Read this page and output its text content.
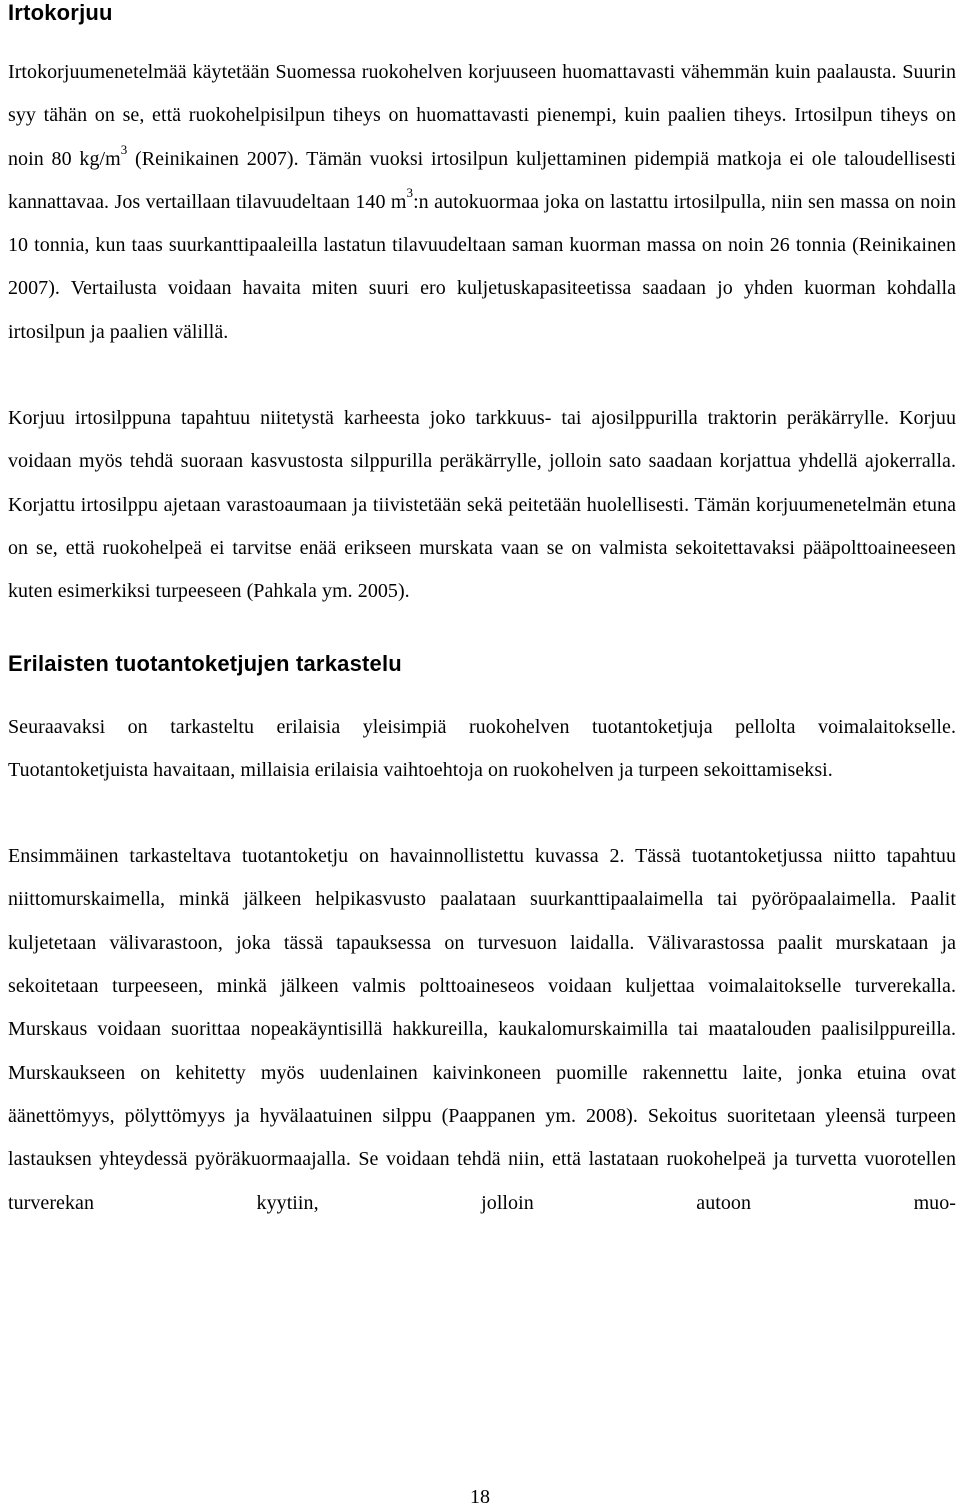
Irtokorjuu

Irtokorjuumenetelmää käytetään Suomessa ruokohelven korjuuseen huomattavasti vähemmän kuin paalausta. Suurin syy tähän on se, että ruokohelpisilpun tiheys on huomattavasti pienempi, kuin paalien tiheys. Irtosilpun tiheys on noin 80 $kg/m^3$ (Reinikainen 2007). Tämän vuoksi irtosilpun kuljettaminen pidempiä matkoja ei ole taloudellisesti kannattavaa. Jos vertaillaan tilavuudeltaan 140 $m^3:n$ autokuormaa joka on lastattu irtosilpulla, niin sen massa on noin 10 tonnia, kun taas suurkanttipaaleilla lastatun tilavuudeltaan saman kuorman massa on noin 26 tonnia (Reinikainen 2007). Vertailusta voidaan havaita miten suuri ero kuljetuskapasiteetissa saadaan jo yhden kuorman kohdalla irtosilpun ja paalien välillä.

Korjuu irtosilppuna tapahtuu niitetystä karheesta joko tarkkuus- tai ajosilppurilla traktorin peräkärrylle. Korjuu voidaan myös tehdä suoraan kasvustosta silppurilla peräkärrylle, jolloin sato saadaan korjattua yhdellä ajokerralla. Korjattu irtosilppu ajetaan varastoaumaan ja tiivistetään sekä peitetään huolellisesti. Tämän korjuumenetelmän etuna on se, että ruokohelpeä ei tarvitse enää erikseen murskata vaan se on valmista sekoitettavaksi pääpolttoaineeseen kuten esimerkiksi turpeeseen (Pahkala ym. 2005).

Erilaisten tuotantoketjujen tarkastelu

Seuraavaksi on tarkasteltu erilaisia yleisimpiä ruokohelven tuotantoketjuja pellolta voimalaitokselle. Tuotantoketjuista havaitaan, millaisia erilaisia vaihtoehtoja on ruokohelven ja turpeen sekoittamiseksi.

Ensimmäinen tarkasteltava tuotantoketju on havainnollistettu kuvassa 2. Tässä tuotantoketjussa niitto tapahtuu niittomurskaimella, minkä jälkeen helpikasvusto paalataan suurkanttipaalaimella tai pyöröpaalaimella. Paalit kuljetetaan välivarastoon, joka tässä tapauksessa on turvesuon laidalla. Välivarastossa paalit murskataan ja sekoitetaan turpeeseen, minkä jälkeen valmis polttoaineseos voidaan kuljettaa voimalaitokselle turverekalla. Murskaus voidaan suorittaa nopeakäyntisillä hakkureilla, kaukalomurskaimilla tai maatalouden paalisilppureilla. Murskaukseen on kehitetty myös uudenlainen kaivinkoneen puomille rakennettu laite, jonka etuina ovat äänettömyys, pölyttömyys ja hyvälaatuinen silppu (Paappanen ym. 2008). Sekoitus suoritetaan yleensä turpeen lastauksen yhteydessä pyöräkuormaajalla. Se voidaan tehdä niin, että lastataan ruokohelpeä ja turvetta vuorotellen turverekan kyytiin, jolloin autoon muo-

18
